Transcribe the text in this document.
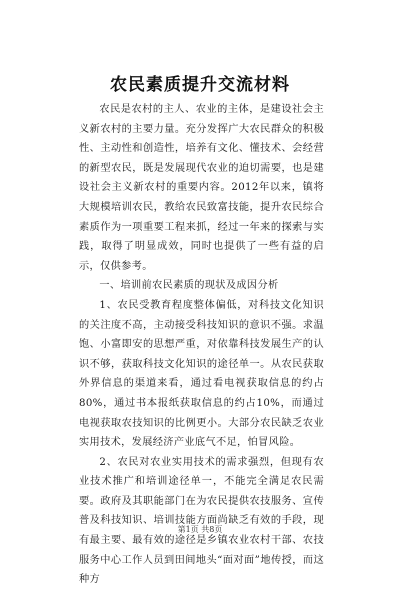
农民素质提升交流材料

农民是农村的主人、农业的主体，是建设社会主义新农村的主要力量。充分发挥广大农民群众的积极性、主动性和创造性，培养有文化、懂技术、会经营的新型农民，既是发展现代农业的迫切需要，也是建设社会主义新农村的重要内容。2012年以来，镇将大规模培训农民，教给农民致富技能，提升农民综合素质作为一项重要工程来抓，经过一年来的探索与实践，取得了明显成效，同时也提供了一些有益的启示，仅供参考。

一、培训前农民素质的现状及成因分析

1、农民受教育程度整体偏低，对科技文化知识的关注度不高，主动接受科技知识的意识不强。求温饱、小富即安的思想严重，对依靠科技发展生产的认识不够，获取科技文化知识的途径单一。从农民获取外界信息的渠道来看，通过看电视获取信息的约占80%，通过书本报纸获取信息的约占10%，而通过电视获取农技知识的比例更小。大部分农民缺乏农业实用技术，发展经济产业底气不足，怕冒风险。

2、农民对农业实用技术的需求强烈，但现有农业技术推广和培训途径单一，不能完全满足农民需要。政府及其职能部门在为农民提供农技服务、宣传普及科技知识、培训技能方面尚缺乏有效的手段，现有最主要、最有效的途径是乡镇农业农村干部、农技服务中心工作人员到田间地头“面对面”地传授，而这种方

第1页 共8页
